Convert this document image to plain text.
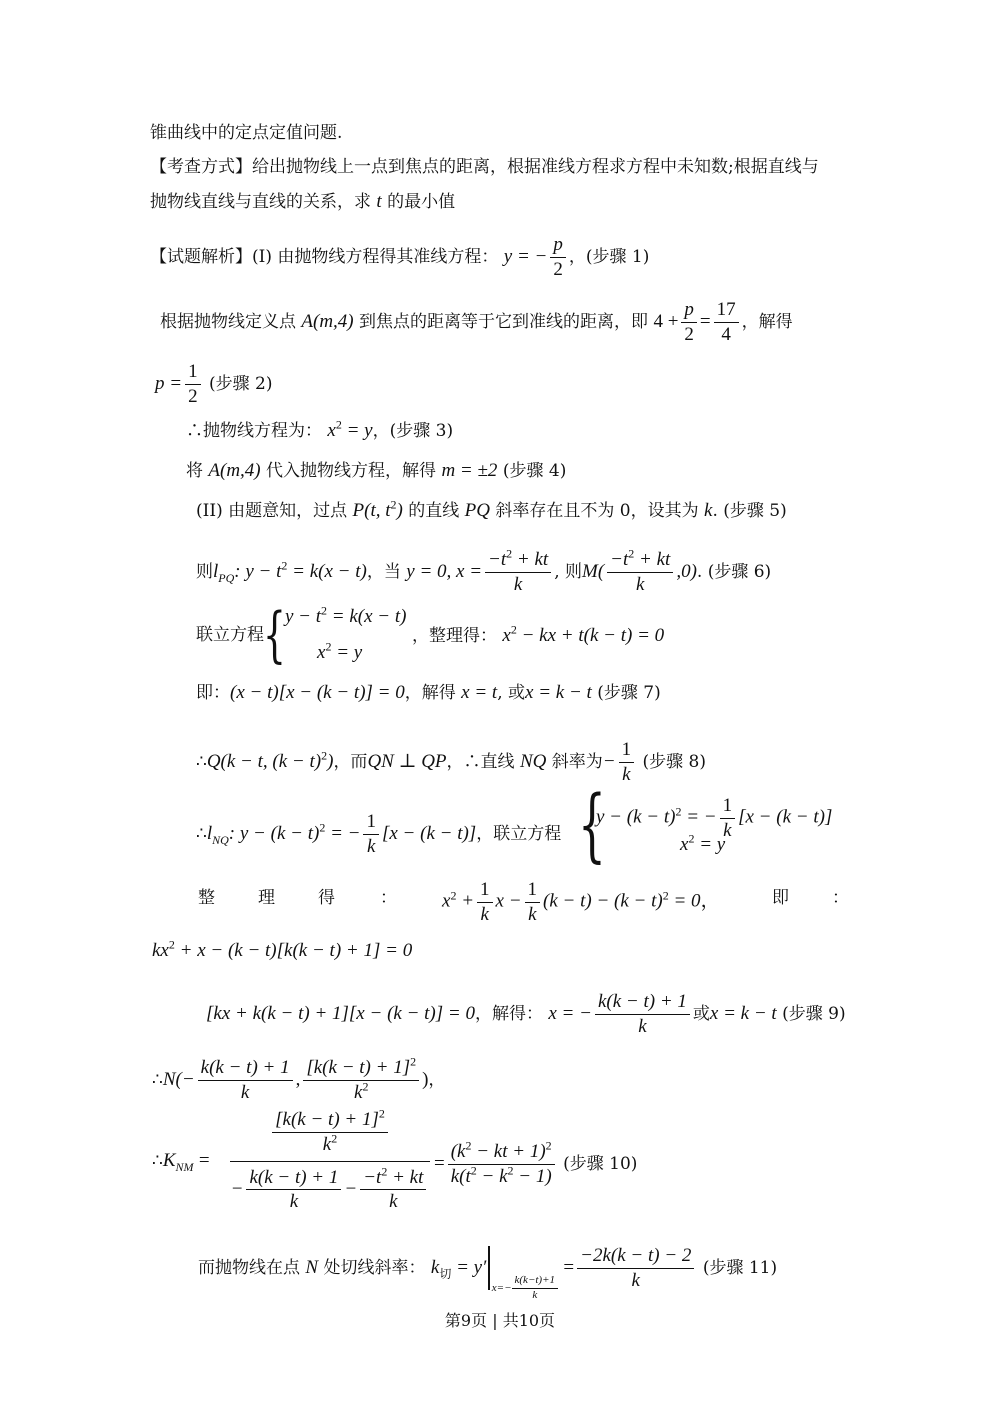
锥曲线中的定点定值问题.
【考查方式】给出抛物线上一点到焦点的距离，根据准线方程求方程中未知数;根据直线与
抛物线直线与直线的关系，求 t 的最小值
【试题解析】(I) 由抛物线方程得其准线方程： y = − $\frac{p}{2}$ ，(步骤 1)
根据抛物线定义点 A(m,4) 到焦点的距离等于它到准线的距离，即 $4 + \frac{p}{2} = \frac{17}{4}$ ，解得
$p = \frac{1}{2}$ (步骤 2)
∴抛物线方程为： $x^2 = y$，(步骤 3)
将 A(m,4) 代入抛物线方程，解得 m = ±2 (步骤 4)
(II) 由题意知，过点 P(t, $t^2$) 的直线 PQ 斜率存在且不为 0，设其为 k. (步骤 5)
则$l_{PQ}$: $y - t^2 = k(x - t)$，当 y = 0, $x = \frac{-t^2 + kt}{k}$ , 则$M( \frac{-t^2 + kt}{k} ,0)$. (步骤 6)
联立方程 { $y - t^2 = k(x - t)$
$x^2 = y$
，整理得： $x^2$ − kx + t(k − t) = 0
即：(x − t)[x − (k − t)] = 0，解得 x = t, 或x = k − t (步骤 7)
∴Q(k − t, $(k - t)^2$)，而QN ⊥ QP，∴直线 NQ 斜率为− $\frac{1}{k}$ (步骤 8)
$\therefore l_{NQ}$: $y - (k - t)^2$ = − $\frac{1}{k} [x - (k - t)]$，联立方程 {
$y - (k - t)^2$ = − $\frac{1}{k} [x - (k - t)]$
$x^2 = y$
整	理	得	： $x^2 + \frac{1}{k}$ $x - \frac{1}{k} (k - t) - (k - t)^2 = 0$，	即	：
$kx^2 + x - (k - t)[k(k - t) + 1] = 0$
[kx + k(k − t) + 1][x − (k − t)] = 0，解得： x = − $\frac{k(k - t) + 1}{k}$ 或x = k − t (步骤 9)
∴N(− $\frac{k(k - t) + 1}{k}$ , $\frac{[k(k - t) + 1]^2}{k^2}$ )，
$\therefore K_{NM}$ =
$\frac{[k(k - t) + 1]^2}{k^2}$
− $\frac{k(k - t) + 1}{k} - \frac{-t^2 + kt}{k}$
= $\frac{(k^2 - kt + 1)^2}{k(t^2 - k^2 - 1)}$ (步骤 10)
而抛物线在点 N 处切线斜率： $k_切 = y'_{x=- \frac{k(k-t)+1}{k}}$
= $\frac{-2k(k - t) - 2}{k}$ (步骤 11)
第9页 | 共10页
